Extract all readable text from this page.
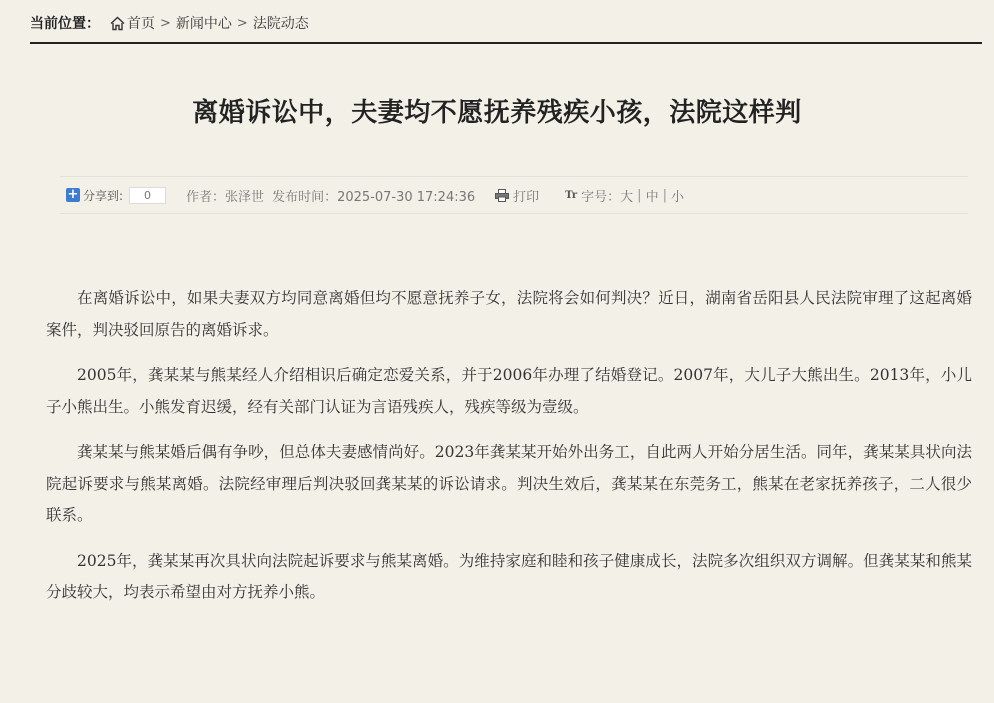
当前位置： 首页 > 新闻中心 > 法院动态
离婚诉讼中，夫妻均不愿抚养残疾小孩，法院这样判
+ 分享到:	0	作者：张泽世 发布时间：2025-07-30 17:24:36	打印	Tr 字号： 大 | 中 | 小

在离婚诉讼中，如果夫妻双方均同意离婚但均不愿意抚养子女，法院将会如何判决？近日，湖南省岳阳县人民法院审理了这起离婚案件，判决驳回原告的离婚诉求。

2005年，龚某某与熊某经人介绍相识后确定恋爱关系，并于2006年办理了结婚登记。2007年，大儿子大熊出生。2013年，小儿子小熊出生。小熊发育迟缓，经有关部门认证为言语残疾人，残疾等级为壹级。

龚某某与熊某婚后偶有争吵，但总体夫妻感情尚好。2023年龚某某开始外出务工，自此两人开始分居生活。同年，龚某某具状向法院起诉要求与熊某离婚。法院经审理后判决驳回龚某某的诉讼请求。判决生效后，龚某某在东莞务工，熊某在老家抚养孩子，二人很少联系。

2025年，龚某某再次具状向法院起诉要求与熊某离婚。为维持家庭和睦和孩子健康成长，法院多次组织双方调解。但龚某某和熊某分歧较大，均表示希望由对方抚养小熊。
